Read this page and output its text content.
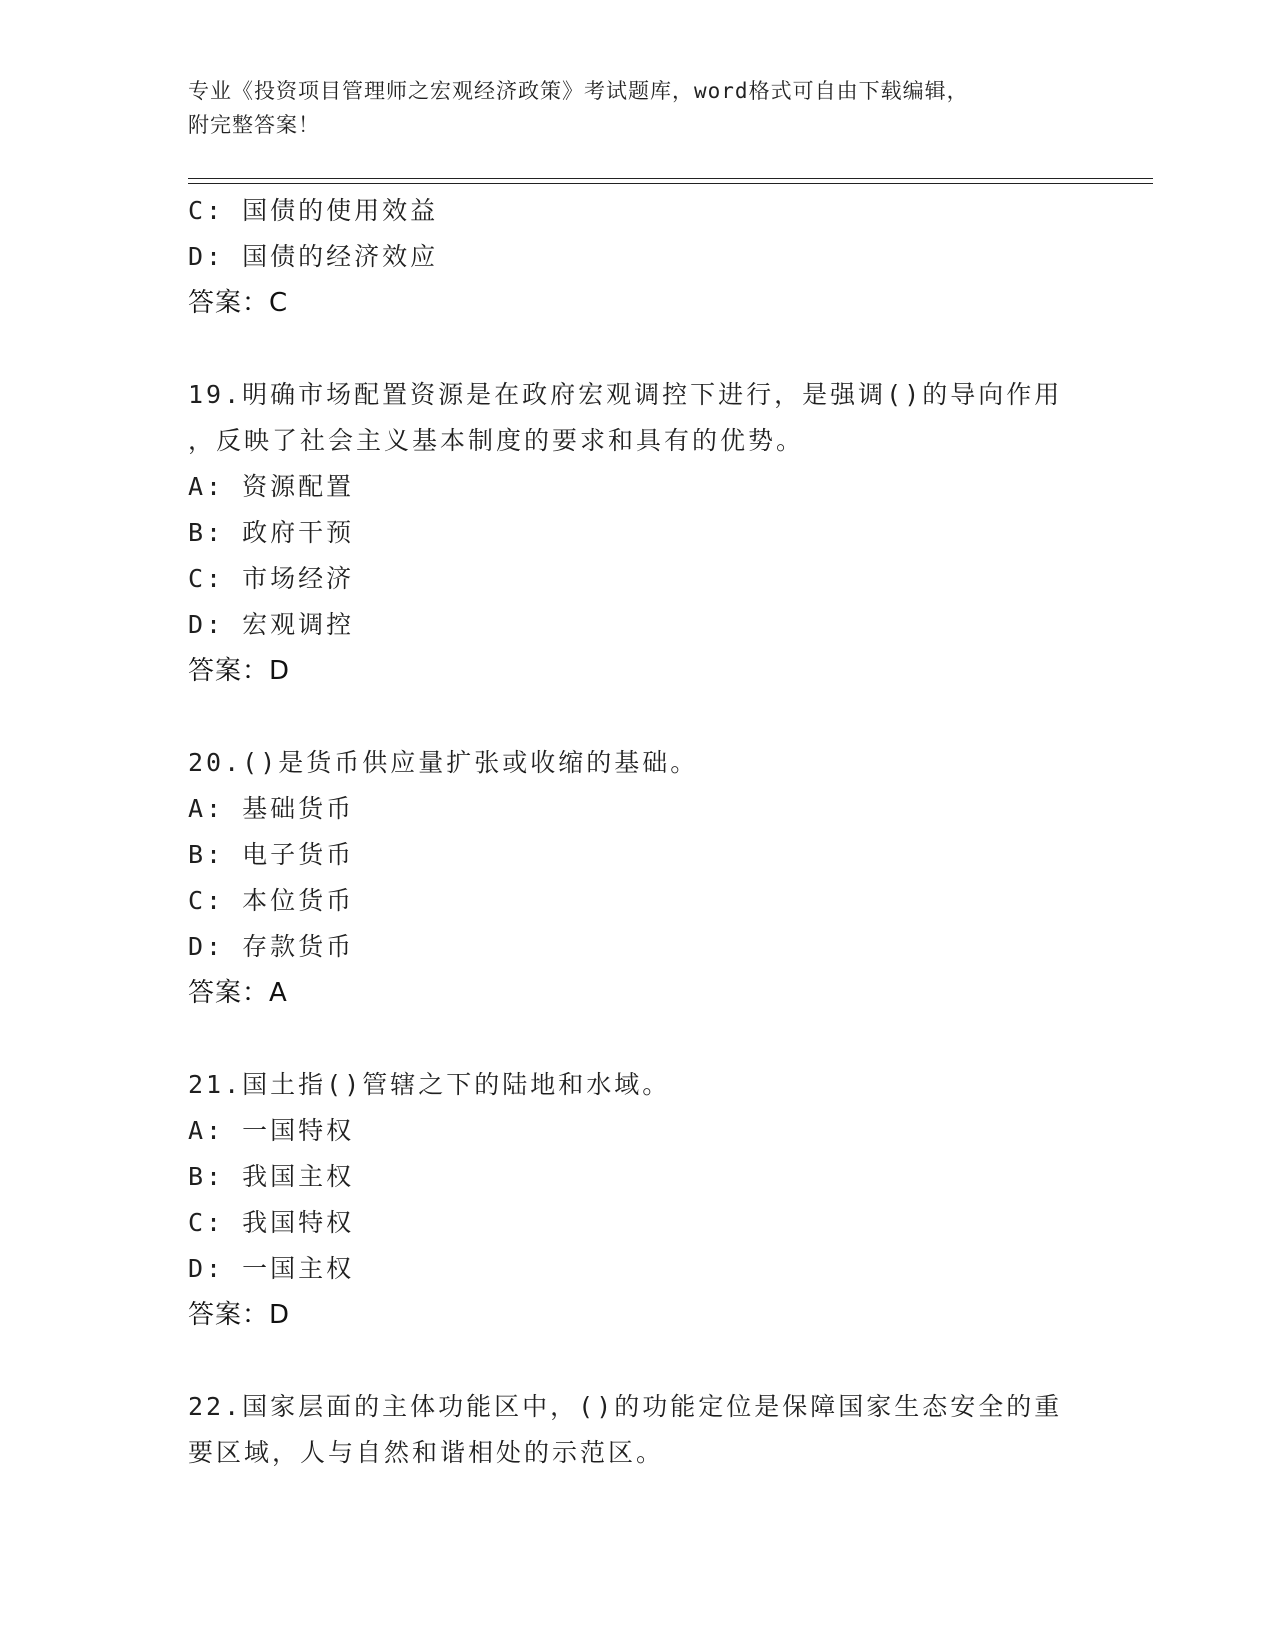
专业《投资项目管理师之宏观经济政策》考试题库，word格式可自由下载编辑，
附完整答案！
C: 国债的使用效益
D: 国债的经济效应
答案：C
19.明确市场配置资源是在政府宏观调控下进行，是强调()的导向作用
，反映了社会主义基本制度的要求和具有的优势。
A: 资源配置
B: 政府干预
C: 市场经济
D: 宏观调控
答案：D
20.()是货币供应量扩张或收缩的基础。
A: 基础货币
B: 电子货币
C: 本位货币
D: 存款货币
答案：A
21.国土指()管辖之下的陆地和水域。
A: 一国特权
B: 我国主权
C: 我国特权
D: 一国主权
答案：D
22.国家层面的主体功能区中，()的功能定位是保障国家生态安全的重
要区域，人与自然和谐相处的示范区。
